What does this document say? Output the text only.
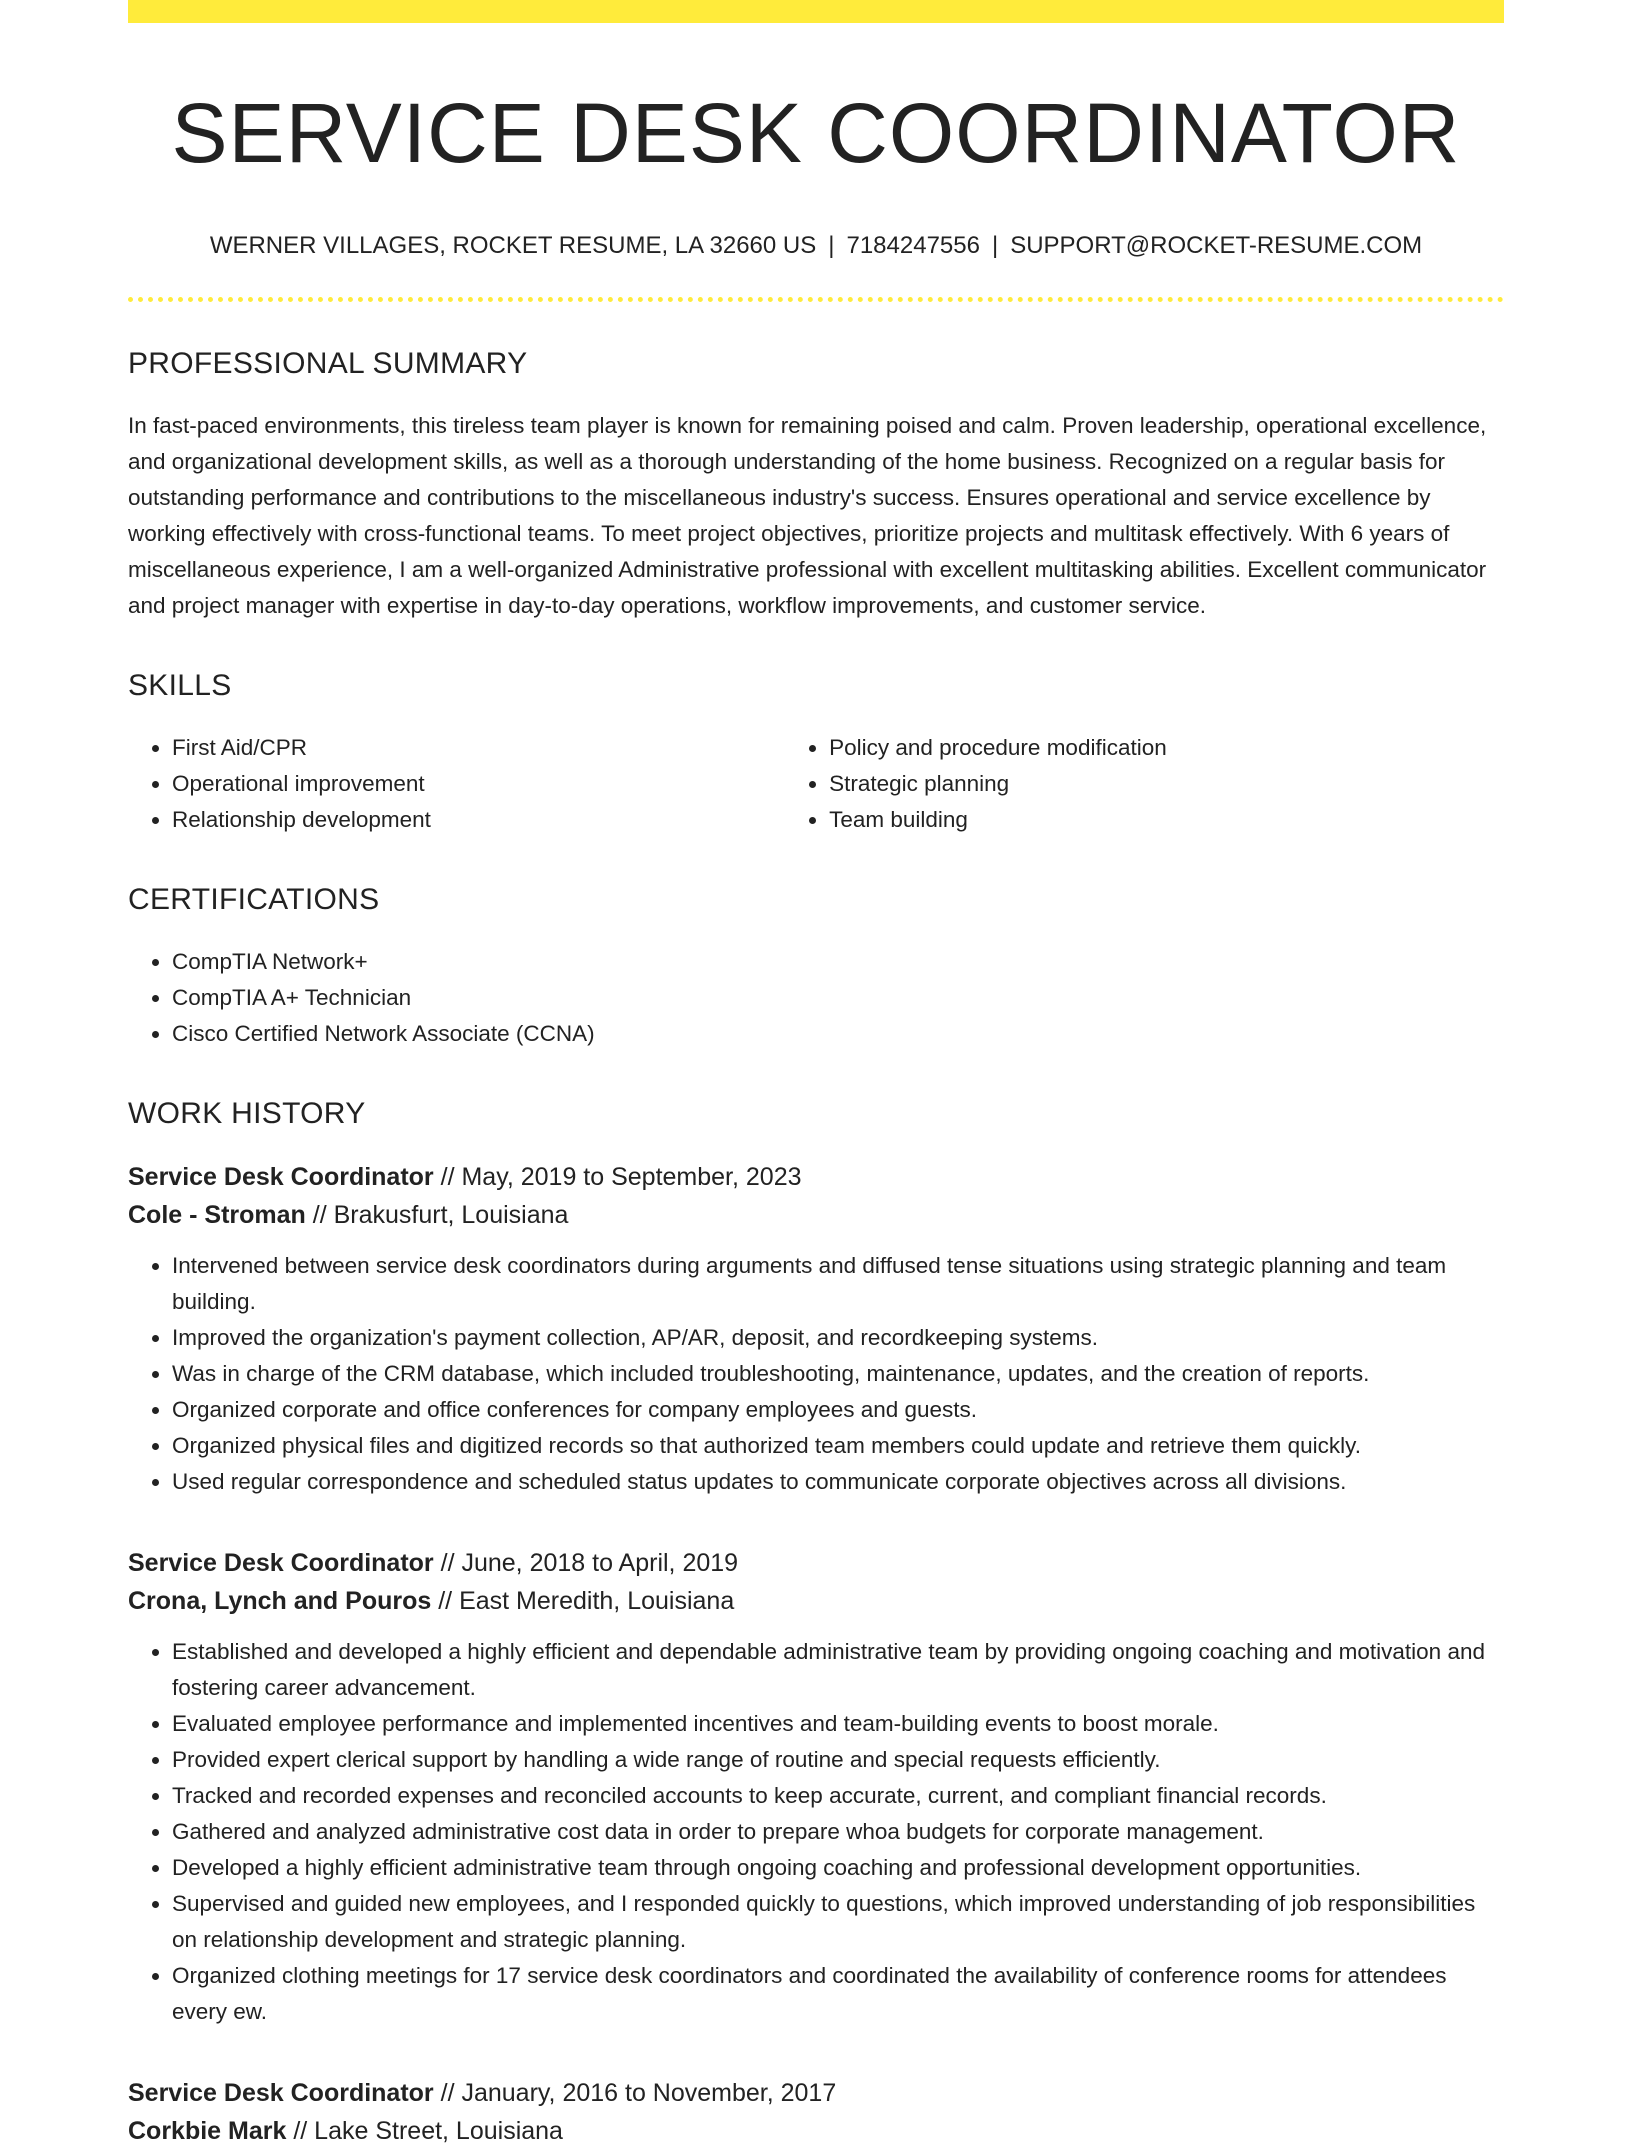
SERVICE DESK COORDINATOR
WERNER VILLAGES, ROCKET RESUME, LA 32660 US | 7184247556 | SUPPORT@ROCKET-RESUME.COM
PROFESSIONAL SUMMARY
In fast-paced environments, this tireless team player is known for remaining poised and calm. Proven leadership, operational excellence, and organizational development skills, as well as a thorough understanding of the home business. Recognized on a regular basis for outstanding performance and contributions to the miscellaneous industry's success. Ensures operational and service excellence by working effectively with cross-functional teams. To meet project objectives, prioritize projects and multitask effectively. With 6 years of miscellaneous experience, I am a well-organized Administrative professional with excellent multitasking abilities. Excellent communicator and project manager with expertise in day-to-day operations, workflow improvements, and customer service.
SKILLS
• First Aid/CPR
• Operational improvement
• Relationship development
• Policy and procedure modification
• Strategic planning
• Team building
CERTIFICATIONS
• CompTIA Network+
• CompTIA A+ Technician
• Cisco Certified Network Associate (CCNA)
WORK HISTORY
Service Desk Coordinator // May, 2019 to September, 2023
Cole - Stroman // Brakusfurt, Louisiana
• Intervened between service desk coordinators during arguments and diffused tense situations using strategic planning and team building.
• Improved the organization's payment collection, AP/AR, deposit, and recordkeeping systems.
• Was in charge of the CRM database, which included troubleshooting, maintenance, updates, and the creation of reports.
• Organized corporate and office conferences for company employees and guests.
• Organized physical files and digitized records so that authorized team members could update and retrieve them quickly.
• Used regular correspondence and scheduled status updates to communicate corporate objectives across all divisions.
Service Desk Coordinator // June, 2018 to April, 2019
Crona, Lynch and Pouros // East Meredith, Louisiana
• Established and developed a highly efficient and dependable administrative team by providing ongoing coaching and motivation and fostering career advancement.
• Evaluated employee performance and implemented incentives and team-building events to boost morale.
• Provided expert clerical support by handling a wide range of routine and special requests efficiently.
• Tracked and recorded expenses and reconciled accounts to keep accurate, current, and compliant financial records.
• Gathered and analyzed administrative cost data in order to prepare whoa budgets for corporate management.
• Developed a highly efficient administrative team through ongoing coaching and professional development opportunities.
• Supervised and guided new employees, and I responded quickly to questions, which improved understanding of job responsibilities on relationship development and strategic planning.
• Organized clothing meetings for 17 service desk coordinators and coordinated the availability of conference rooms for attendees every ew.
Service Desk Coordinator // January, 2016 to November, 2017
Corkbie Mark // Lake Street, Louisiana
